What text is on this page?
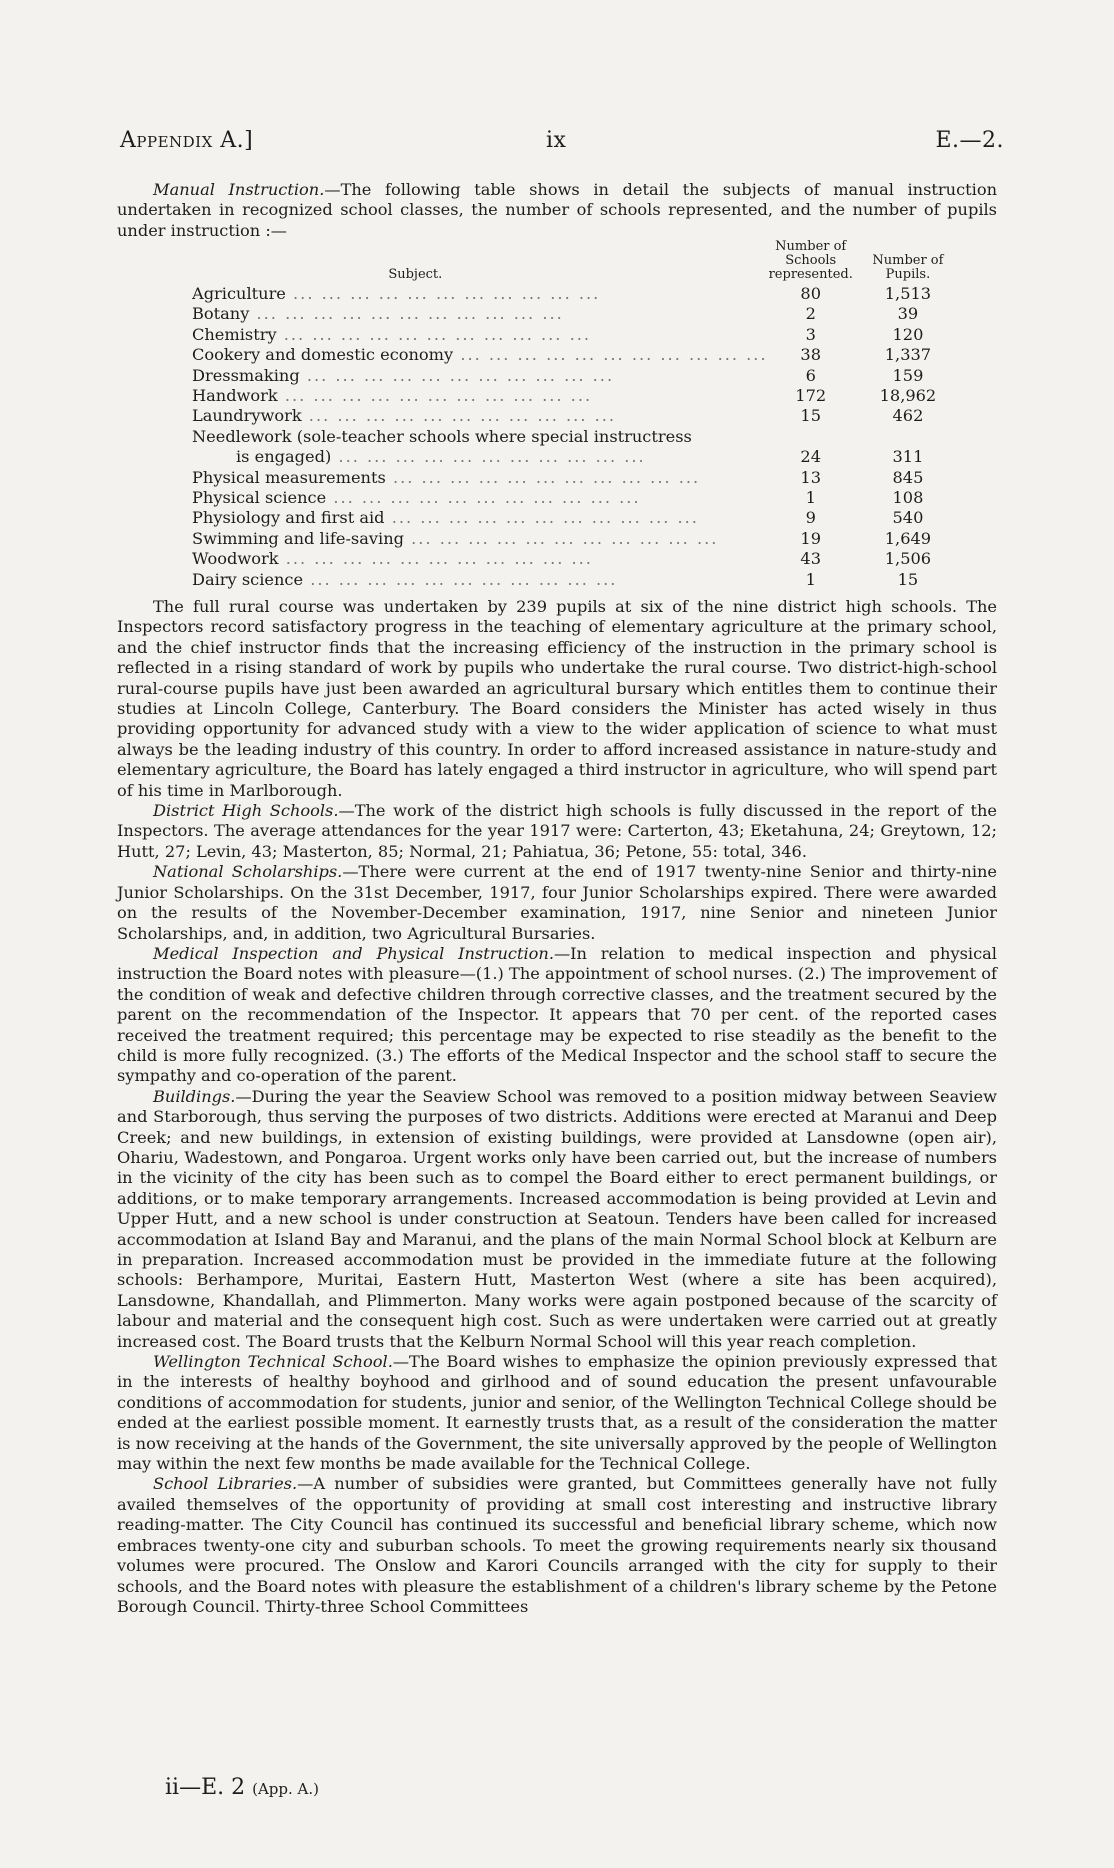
Appendix A.]	ix	E.—2.

Manual Instruction.—The following table shows in detail the subjects of manual instruction undertaken in recognized school classes, the number of schools represented, and the number of pupils under instruction :—

Subject.	Number of Schools represented.	Number of Pupils.
Agriculture ... ... ... ... ... ... ... ... ... ... ...	80	1,513
Botany ... ... ... ... ... ... ... ... ... ... ...	2	39
Chemistry ... ... ... ... ... ... ... ... ... ... ...	3	120
Cookery and domestic economy ... ... ... ... ... ... ... ... ... ... ...	38	1,337
Dressmaking ... ... ... ... ... ... ... ... ... ... ...	6	159
Handwork ... ... ... ... ... ... ... ... ... ... ...	172	18,962
Laundrywork ... ... ... ... ... ... ... ... ... ... ...	15	462
Needlework (sole-teacher schools where special instructress		
is engaged) ... ... ... ... ... ... ... ... ... ... ...	24	311
Physical measurements ... ... ... ... ... ... ... ... ... ... ...	13	845
Physical science ... ... ... ... ... ... ... ... ... ... ...	1	108
Physiology and first aid ... ... ... ... ... ... ... ... ... ... ...	9	540
Swimming and life-saving ... ... ... ... ... ... ... ... ... ... ...	19	1,649
Woodwork ... ... ... ... ... ... ... ... ... ... ...	43	1,506
Dairy science ... ... ... ... ... ... ... ... ... ... ...	1	15

The full rural course was undertaken by 239 pupils at six of the nine district high schools. The Inspectors record satisfactory progress in the teaching of elementary agriculture at the primary school, and the chief instructor finds that the increasing efficiency of the instruction in the primary school is reflected in a rising standard of work by pupils who undertake the rural course. Two district-high-school rural-course pupils have just been awarded an agricultural bursary which entitles them to continue their studies at Lincoln College, Canterbury. The Board considers the Minister has acted wisely in thus providing opportunity for advanced study with a view to the wider application of science to what must always be the leading industry of this country. In order to afford increased assistance in nature-study and elementary agriculture, the Board has lately engaged a third instructor in agriculture, who will spend part of his time in Marlborough.

District High Schools.—The work of the district high schools is fully discussed in the report of the Inspectors. The average attendances for the year 1917 were: Carterton, 43; Eketahuna, 24; Greytown, 12; Hutt, 27; Levin, 43; Masterton, 85; Normal, 21; Pahiatua, 36; Petone, 55: total, 346.

National Scholarships.—There were current at the end of 1917 twenty-nine Senior and thirty-nine Junior Scholarships. On the 31st December, 1917, four Junior Scholarships expired. There were awarded on the results of the November-December examination, 1917, nine Senior and nineteen Junior Scholarships, and, in addition, two Agricultural Bursaries.

Medical Inspection and Physical Instruction.—In relation to medical inspection and physical instruction the Board notes with pleasure—(1.) The appointment of school nurses. (2.) The improvement of the condition of weak and defective children through corrective classes, and the treatment secured by the parent on the recommendation of the Inspector. It appears that 70 per cent. of the reported cases received the treatment required; this percentage may be expected to rise steadily as the benefit to the child is more fully recognized. (3.) The efforts of the Medical Inspector and the school staff to secure the sympathy and co-operation of the parent.

Buildings.—During the year the Seaview School was removed to a position midway between Seaview and Starborough, thus serving the purposes of two districts. Additions were erected at Maranui and Deep Creek; and new buildings, in extension of existing buildings, were provided at Lansdowne (open air), Ohariu, Wadestown, and Pongaroa. Urgent works only have been carried out, but the increase of numbers in the vicinity of the city has been such as to compel the Board either to erect permanent buildings, or additions, or to make temporary arrangements. Increased accommodation is being provided at Levin and Upper Hutt, and a new school is under construction at Seatoun. Tenders have been called for increased accommodation at Island Bay and Maranui, and the plans of the main Normal School block at Kelburn are in preparation. Increased accommodation must be provided in the immediate future at the following schools: Berhampore, Muritai, Eastern Hutt, Masterton West (where a site has been acquired), Lansdowne, Khandallah, and Plimmerton. Many works were again postponed because of the scarcity of labour and material and the consequent high cost. Such as were undertaken were carried out at greatly increased cost. The Board trusts that the Kelburn Normal School will this year reach completion.

Wellington Technical School.—The Board wishes to emphasize the opinion previously expressed that in the interests of healthy boyhood and girlhood and of sound education the present unfavourable conditions of accommodation for students, junior and senior, of the Wellington Technical College should be ended at the earliest possible moment. It earnestly trusts that, as a result of the consideration the matter is now receiving at the hands of the Government, the site universally approved by the people of Wellington may within the next few months be made available for the Technical College.

School Libraries.—A number of subsidies were granted, but Committees generally have not fully availed themselves of the opportunity of providing at small cost interesting and instructive library reading-matter. The City Council has continued its successful and beneficial library scheme, which now embraces twenty-one city and suburban schools. To meet the growing requirements nearly six thousand volumes were procured. The Onslow and Karori Councils arranged with the city for supply to their schools, and the Board notes with pleasure the establishment of a children's library scheme by the Petone Borough Council. Thirty-three School Committees

ii—E. 2 (App. A.)
